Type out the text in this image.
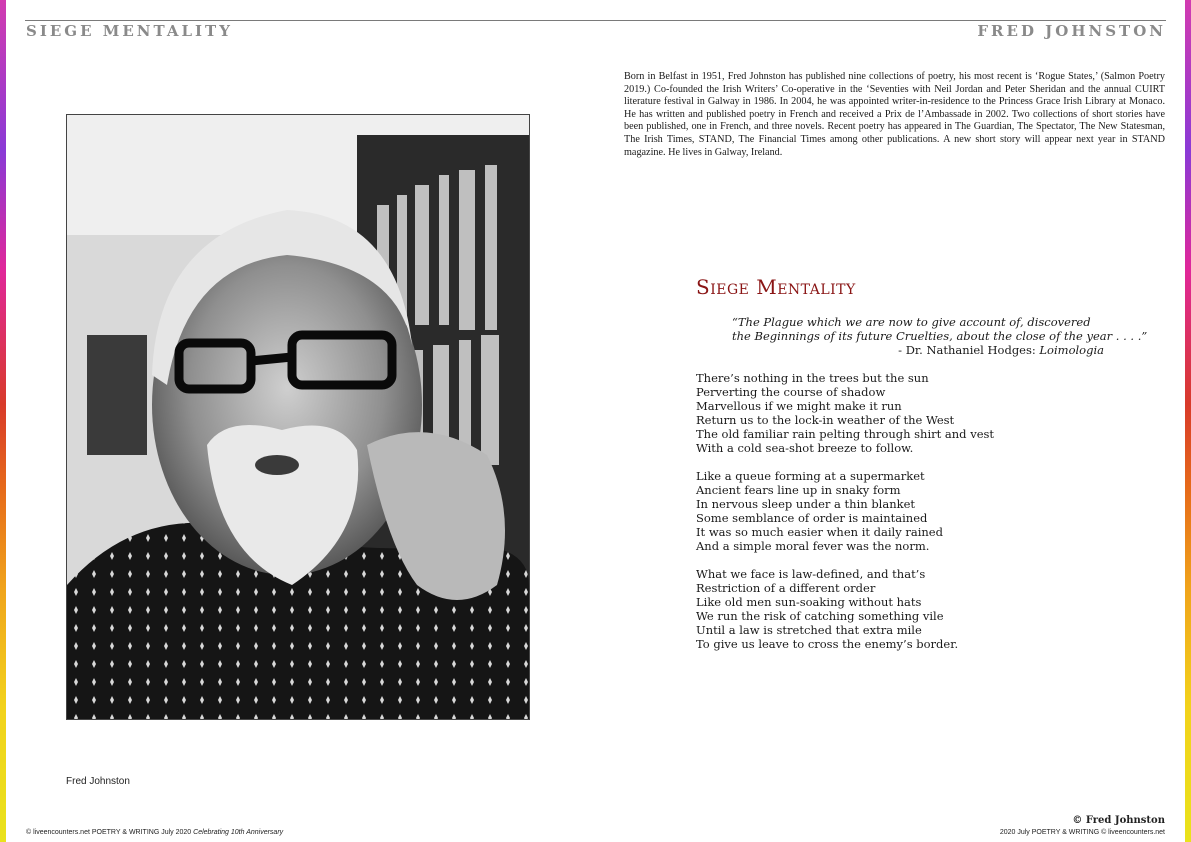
SIEGE MENTALITY	FRED JOHNSTON
Fred Johnston
Born in Belfast in 1951, Fred Johnston has published nine collections of poetry, his most recent is ‘Rogue States,’ (Salmon Poetry 2019.) Co-founded the Irish Writers’ Co-operative in the ‘Seventies with Neil Jordan and Peter Sheridan and the annual CUIRT literature festival in Galway in 1986. In 2004, he was appointed writer-in-residence to the Princess Grace Irish Library at Monaco. He has written and published poetry in French and received a Prix de l’Ambassade in 2002. Two collections of short stories have been published, one in French, and three novels. Recent poetry has appeared in The Guardian, The Spectator, The New Statesman, The Irish Times, STAND, The Financial Times among other publications. A new short story will appear next year in STAND magazine. He lives in Galway, Ireland.
Siege Mentality
“The Plague which we are now to give account of, discovered
the Beginnings of its future Cruelties, about the close of the year . . . .”
- Dr. Nathaniel Hodges: Loimologia
There’s nothing in the trees but the sun
Perverting the course of shadow
Marvellous if we might make it run
Return us to the lock-in weather of the West
The old familiar rain pelting through shirt and vest
With a cold sea-shot breeze to follow.
Like a queue forming at a supermarket
Ancient fears line up in snaky form
In nervous sleep under a thin blanket
Some semblance of order is maintained
It was so much easier when it daily rained
And a simple moral fever was the norm.
What we face is law-defined, and that’s
Restriction of a different order
Like old men sun-soaking without hats
We run the risk of catching something vile
Until a law is stretched that extra mile
To give us leave to cross the enemy’s border.
© Fred Johnston
© liveencounters.net POETRY & WRITING July 2020 Celebrating 10th Anniversary	2020 July POETRY & WRITING © liveencounters.net
